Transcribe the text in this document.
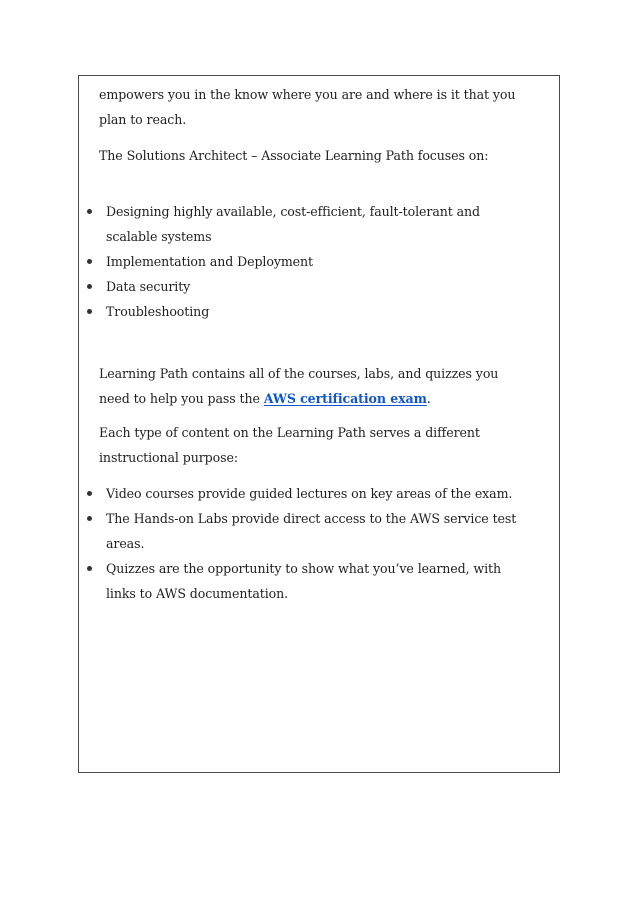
empowers you in the know where you are and where is it that you
plan to reach.
The Solutions Architect – Associate Learning Path focuses on:
Designing highly available, cost-efficient, fault-tolerant and
scalable systems
Implementation and Deployment
Data security
Troubleshooting
Learning Path contains all of the courses, labs, and quizzes you
need to help you pass the AWS certification exam.
Each type of content on the Learning Path serves a different
instructional purpose:
Video courses provide guided lectures on key areas of the exam.
The Hands-on Labs provide direct access to the AWS service test
areas.
Quizzes are the opportunity to show what you’ve learned, with
links to AWS documentation.
